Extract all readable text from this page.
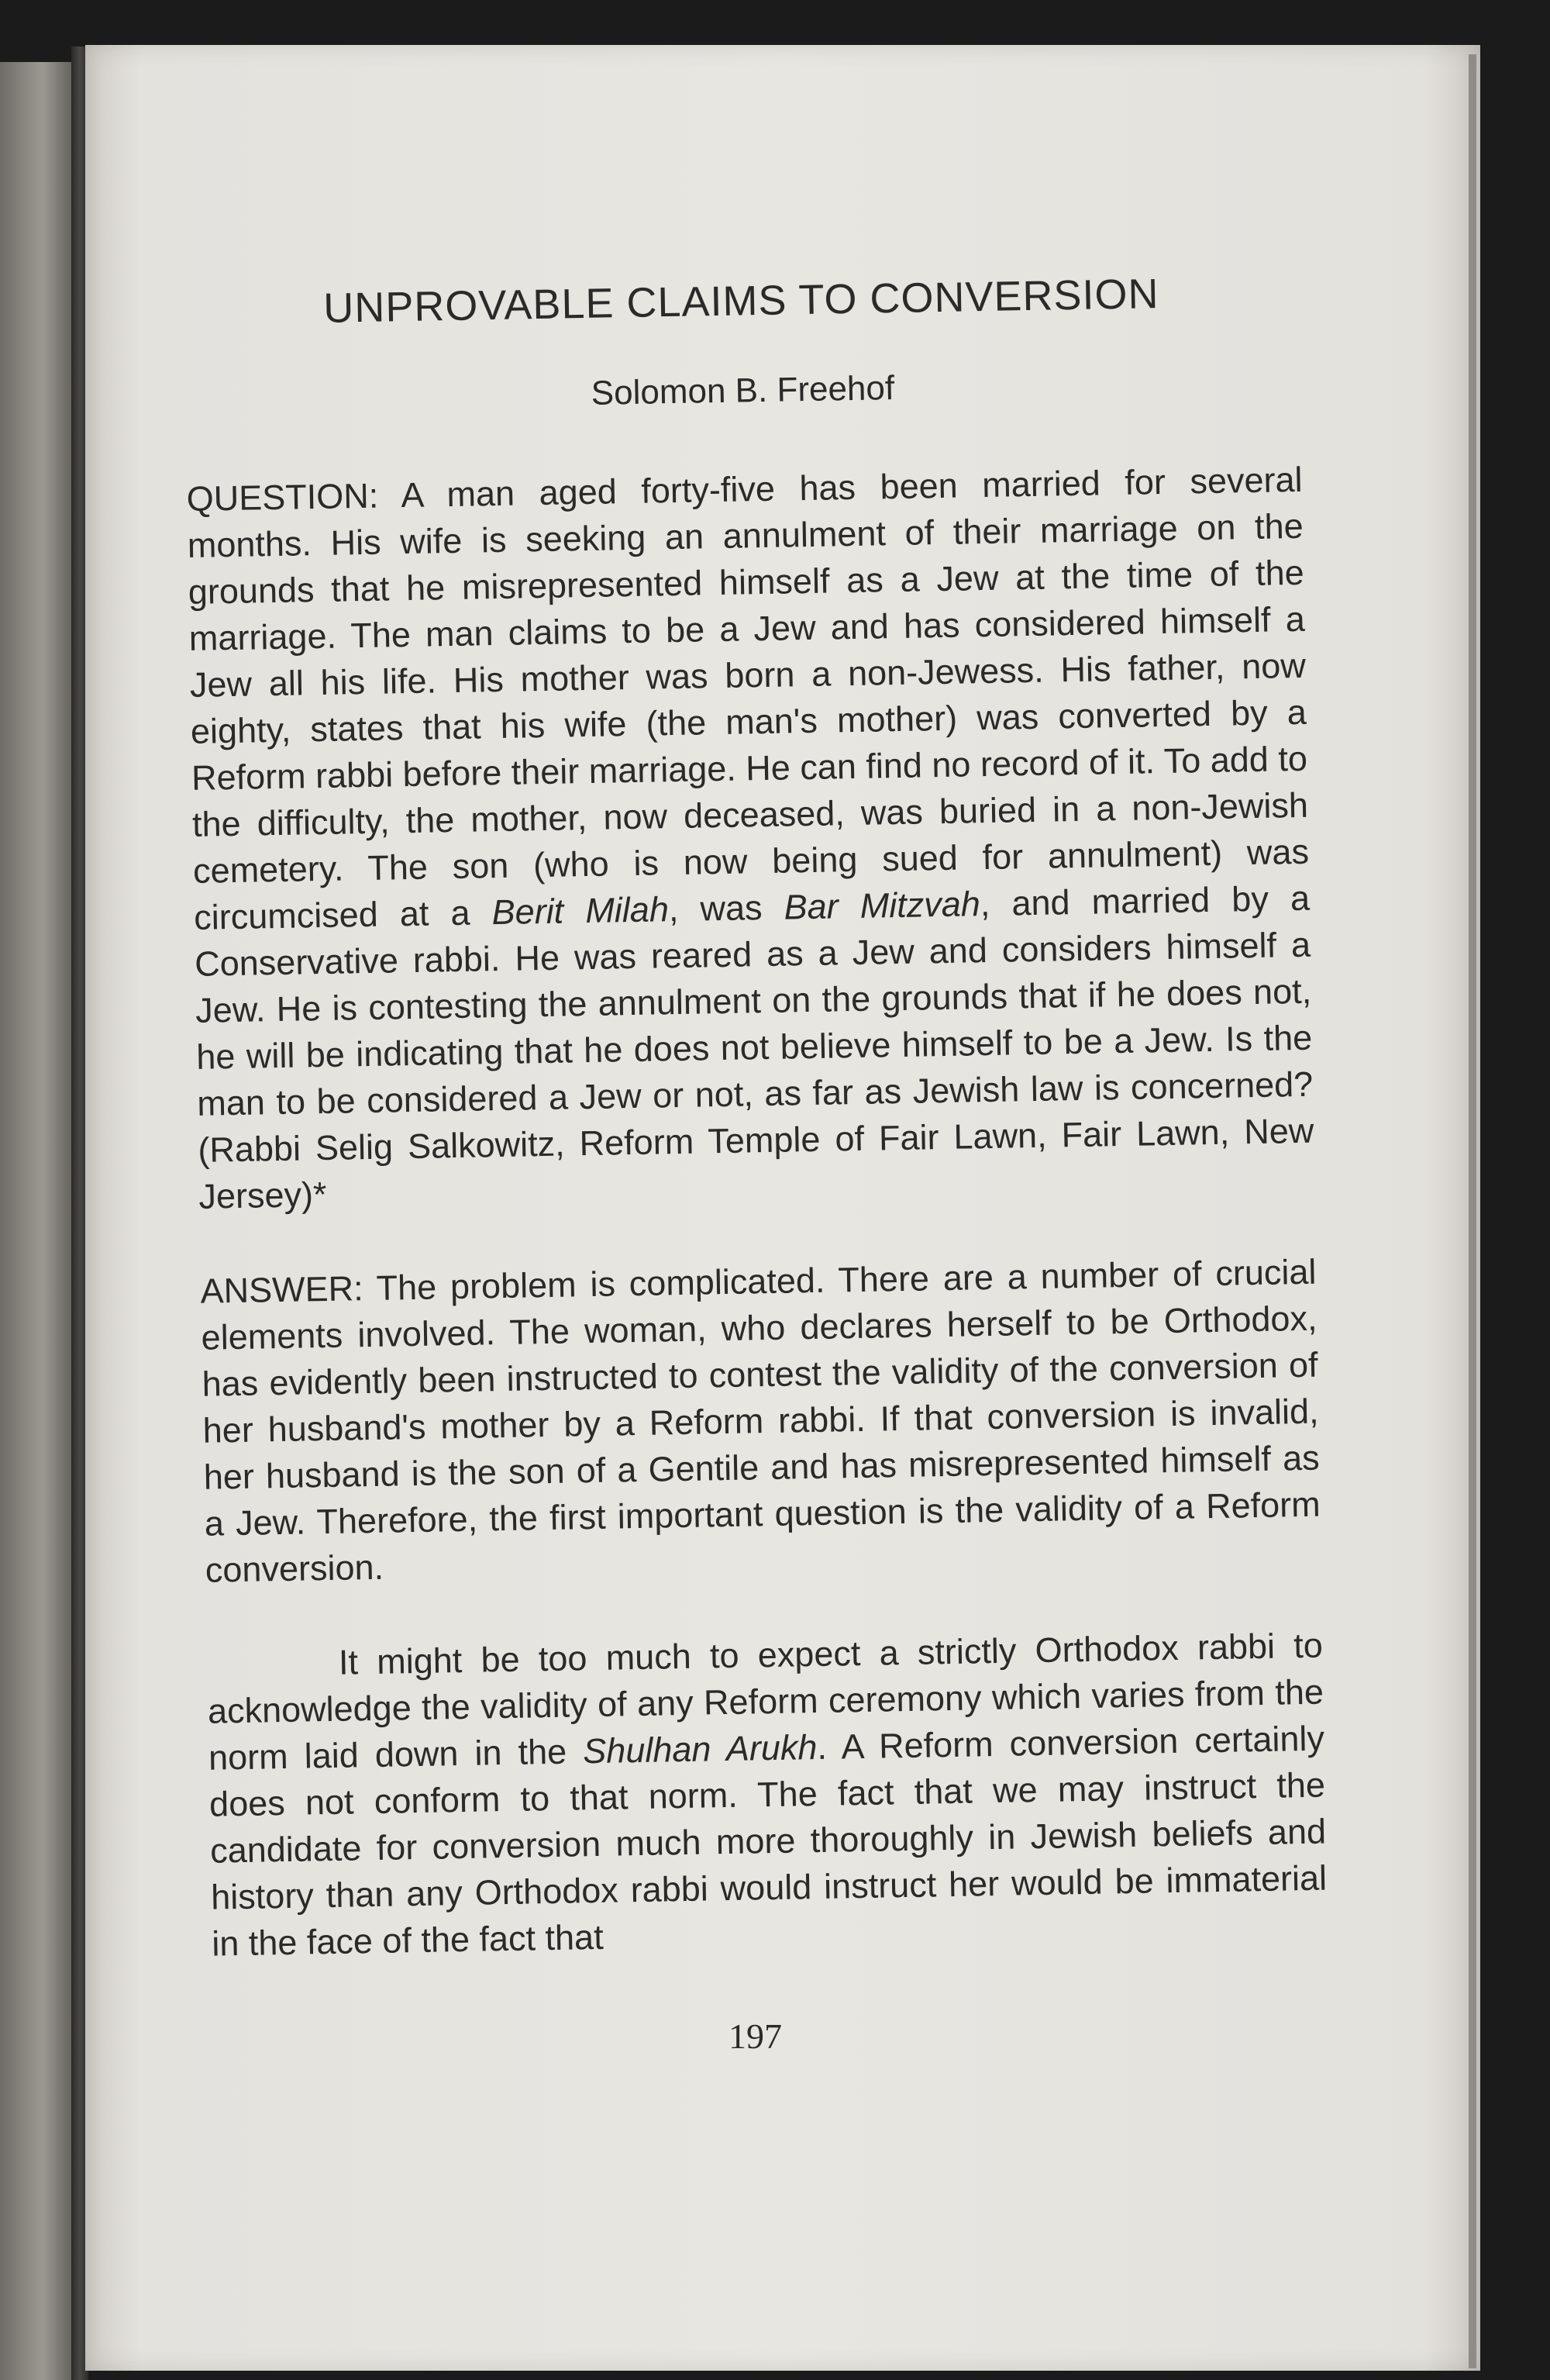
UNPROVABLE CLAIMS TO CONVERSION
Solomon B. Freehof

QUESTION: A man aged forty-five has been married for several months. His wife is seeking an annulment of their marriage on the grounds that he misrepresented himself as a Jew at the time of the marriage. The man claims to be a Jew and has considered himself a Jew all his life. His mother was born a non-Jewess. His father, now eighty, states that his wife (the man's mother) was converted by a Reform rabbi before their marriage. He can find no record of it. To add to the difficulty, the mother, now deceased, was buried in a non-Jewish cemetery. The son (who is now being sued for annulment) was circumcised at a Berit Milah, was Bar Mitzvah, and married by a Conservative rabbi. He was reared as a Jew and considers himself a Jew. He is contesting the annulment on the grounds that if he does not, he will be indicating that he does not believe himself to be a Jew. Is the man to be considered a Jew or not, as far as Jewish law is concerned? (Rabbi Selig Salkowitz, Reform Temple of Fair Lawn, Fair Lawn, New Jersey)*

ANSWER: The problem is complicated. There are a number of crucial elements involved. The woman, who declares herself to be Orthodox, has evidently been instructed to contest the validity of the conversion of her husband's mother by a Reform rabbi. If that conversion is invalid, her husband is the son of a Gentile and has misrepresented himself as a Jew. Therefore, the first important question is the validity of a Reform conversion.

It might be too much to expect a strictly Orthodox rabbi to acknowledge the validity of any Reform ceremony which varies from the norm laid down in the Shulhan Arukh. A Reform conversion certainly does not conform to that norm. The fact that we may instruct the candidate for conversion much more thoroughly in Jewish beliefs and history than any Orthodox rabbi would instruct her would be immaterial in the face of the fact that

197
